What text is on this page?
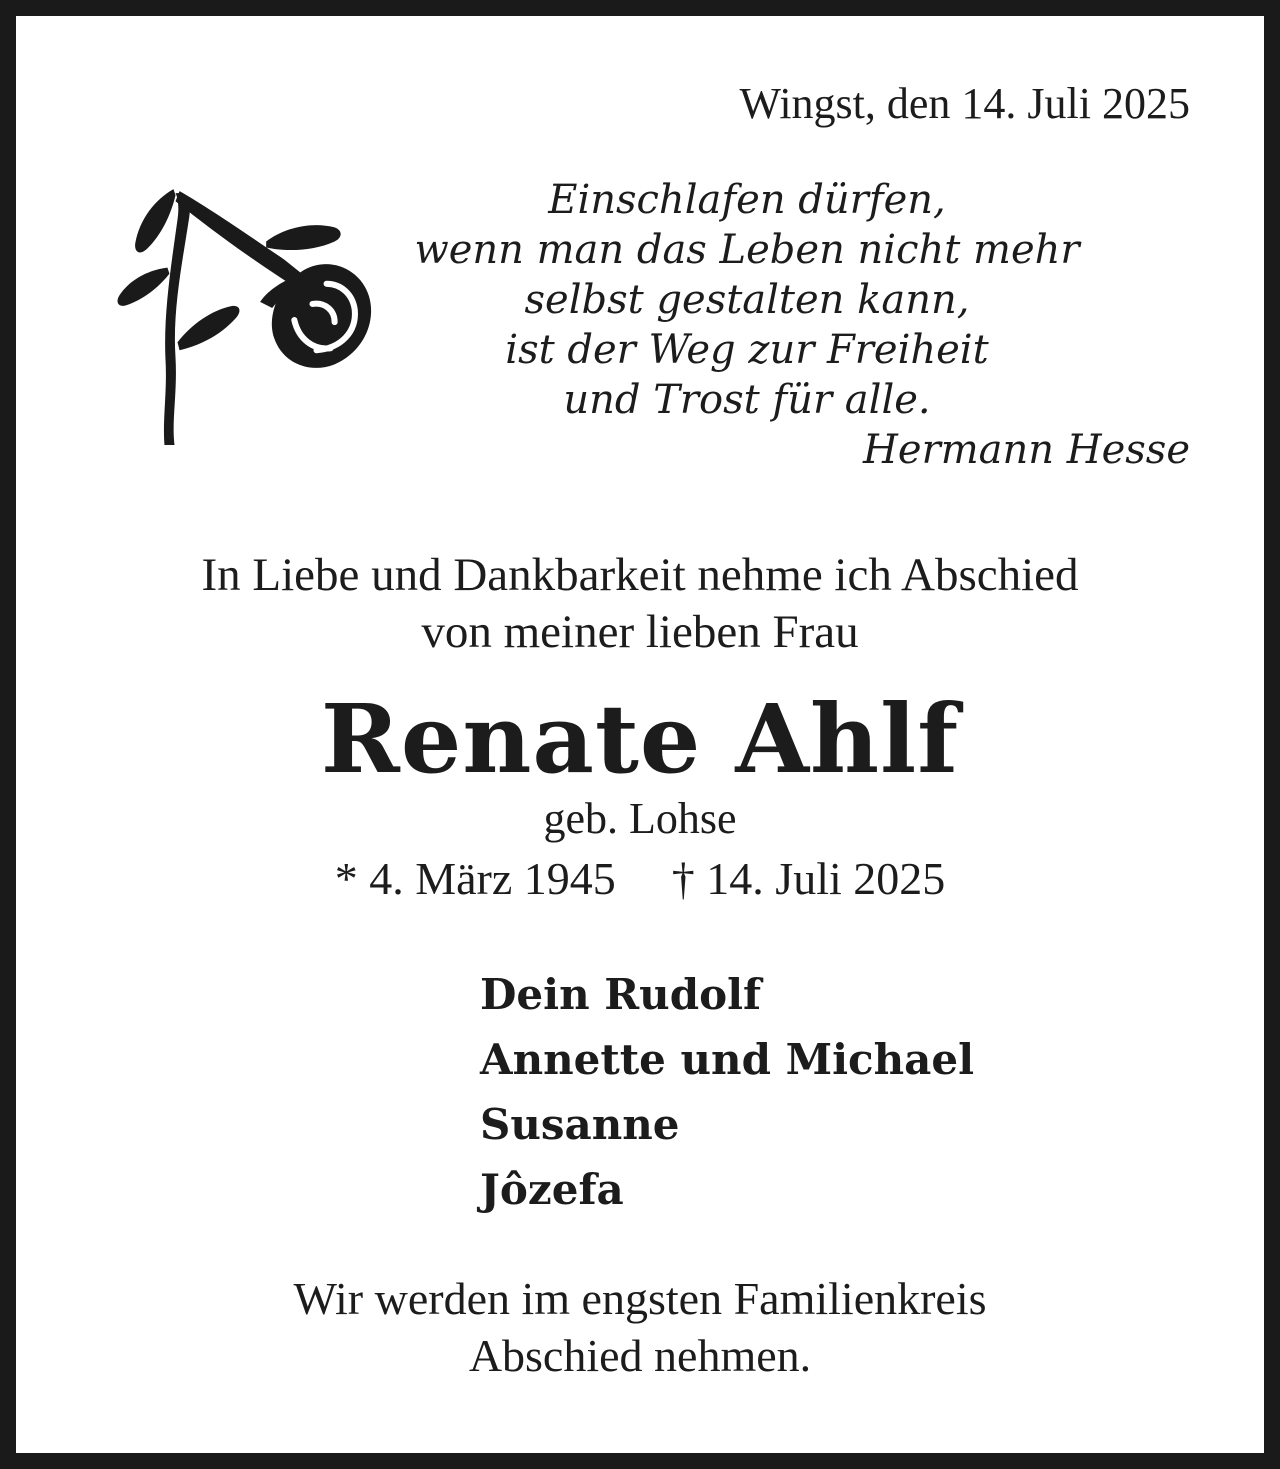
Wingst, den 14. Juli 2025
Einschlafen dürfen,
wenn man das Leben nicht mehr
selbst gestalten kann,
ist der Weg zur Freiheit
und Trost für alle.
Hermann Hesse
In Liebe und Dankbarkeit nehme ich Abschied
von meiner lieben Frau
Renate Ahlf
geb. Lohse
* 4. März 1945 † 14. Juli 2025
Dein Rudolf
Annette und Michael
Susanne
Jôzefa
Wir werden im engsten Familienkreis
Abschied nehmen.
